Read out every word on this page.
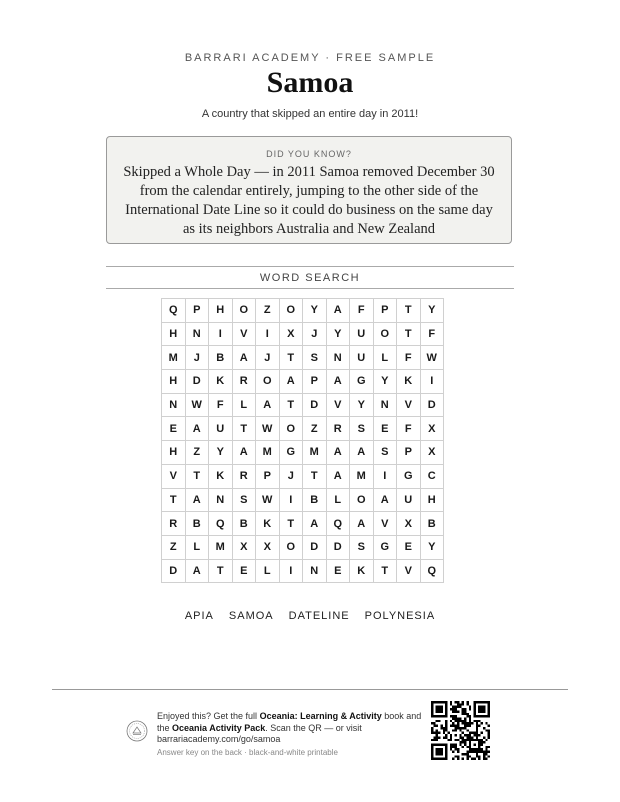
BARRARI ACADEMY · FREE SAMPLE
Samoa
A country that skipped an entire day in 2011!
DID YOU KNOW?
Skipped a Whole Day — in 2011 Samoa removed December 30 from the calendar entirely, jumping to the other side of the International Date Line so it could do business on the same day as its neighbors Australia and New Zealand
WORD SEARCH
Q	P	H	O	Z	O	Y	A	F	P	T	Y
H	N	I	V	I	X	J	Y	U	O	T	F
M	J	B	A	J	T	S	N	U	L	F	W
H	D	K	R	O	A	P	A	G	Y	K	I
N	W	F	L	A	T	D	V	Y	N	V	D
E	A	U	T	W	O	Z	R	S	E	F	X
H	Z	Y	A	M	G	M	A	A	S	P	X
V	T	K	R	P	J	T	A	M	I	G	C
T	A	N	S	W	I	B	L	O	A	U	H
R	B	Q	B	K	T	A	Q	A	V	X	B
Z	L	M	X	X	O	D	D	S	G	E	Y
D	A	T	E	L	I	N	E	K	T	V	Q
APIA SAMOA DATELINE POLYNESIA
Enjoyed this? Get the full Oceania: Learning & Activity book and the Oceania Activity Pack. Scan the QR — or visit barrariacademy.com/go/samoa
Answer key on the back · black-and-white printable
